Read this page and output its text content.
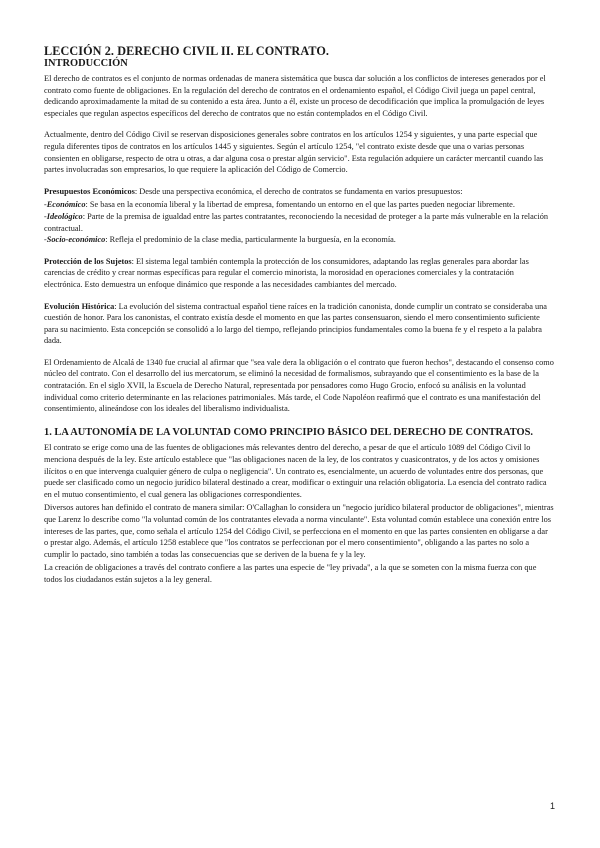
LECCIÓN 2. DERECHO CIVIL II. EL CONTRATO.
INTRODUCCIÓN

El derecho de contratos es el conjunto de normas ordenadas de manera sistemática que busca dar solución a los conflictos de intereses generados por el contrato como fuente de obligaciones. En la regulación del derecho de contratos en el ordenamiento español, el Código Civil juega un papel central, dedicando aproximadamente la mitad de su contenido a esta área. Junto a él, existe un proceso de decodificación que implica la promulgación de leyes especiales que regulan aspectos específicos del derecho de contratos que no están contemplados en el Código Civil.

Actualmente, dentro del Código Civil se reservan disposiciones generales sobre contratos en los artículos 1254 y siguientes, y una parte especial que regula diferentes tipos de contratos en los artículos 1445 y siguientes. Según el artículo 1254, "el contrato existe desde que una o varias personas consienten en obligarse, respecto de otra u otras, a dar alguna cosa o prestar algún servicio". Esta regulación adquiere un carácter mercantil cuando las partes involucradas son empresarios, lo que requiere la aplicación del Código de Comercio.

Presupuestos Económicos: Desde una perspectiva económica, el derecho de contratos se fundamenta en varios presupuestos:

-Económico: Se basa en la economía liberal y la libertad de empresa, fomentando un entorno en el que las partes pueden negociar libremente.

-Ideológico: Parte de la premisa de igualdad entre las partes contratantes, reconociendo la necesidad de proteger a la parte más vulnerable en la relación contractual.

-Socio-económico: Refleja el predominio de la clase media, particularmente la burguesía, en la economía.

Protección de los Sujetos: El sistema legal también contempla la protección de los consumidores, adaptando las reglas generales para abordar las carencias de crédito y crear normas específicas para regular el comercio minorista, la morosidad en operaciones comerciales y la contratación electrónica. Esto demuestra un enfoque dinámico que responde a las necesidades cambiantes del mercado.

Evolución Histórica: La evolución del sistema contractual español tiene raíces en la tradición canonista, donde cumplir un contrato se consideraba una cuestión de honor. Para los canonistas, el contrato existía desde el momento en que las partes consensuaron, siendo el mero consentimiento suficiente para su nacimiento. Esta concepción se consolidó a lo largo del tiempo, reflejando principios fundamentales como la buena fe y el respeto a la palabra dada.

El Ordenamiento de Alcalá de 1340 fue crucial al afirmar que "sea vale dera la obligación o el contrato que fueron hechos", destacando el consenso como núcleo del contrato. Con el desarrollo del ius mercatorum, se eliminó la necesidad de formalismos, subrayando que el consentimiento es la base de la contratación. En el siglo XVII, la Escuela de Derecho Natural, representada por pensadores como Hugo Grocio, enfocó su análisis en la voluntad individual como criterio determinante en las relaciones patrimoniales. Más tarde, el Code Napoléon reafirmó que el contrato es una manifestación del consentimiento, alineándose con los ideales del liberalismo individualista.

1. LA AUTONOMÍA DE LA VOLUNTAD COMO PRINCIPIO BÁSICO DEL DERECHO DE CONTRATOS.

El contrato se erige como una de las fuentes de obligaciones más relevantes dentro del derecho, a pesar de que el artículo 1089 del Código Civil lo menciona después de la ley. Este artículo establece que "las obligaciones nacen de la ley, de los contratos y cuasicontratos, y de los actos y omisiones ilícitos o en que intervenga cualquier género de culpa o negligencia". Un contrato es, esencialmente, un acuerdo de voluntades entre dos personas, que puede ser clasificado como un negocio jurídico bilateral destinado a crear, modificar o extinguir una relación obligatoria. La esencia del contrato radica en el mutuo consentimiento, el cual genera las obligaciones correspondientes.

Diversos autores han definido el contrato de manera similar: O'Callaghan lo considera un "negocio jurídico bilateral productor de obligaciones", mientras que Larenz lo describe como "la voluntad común de los contratantes elevada a norma vinculante". Esta voluntad común establece una conexión entre los intereses de las partes, que, como señala el artículo 1254 del Código Civil, se perfecciona en el momento en que las partes consienten en obligarse a dar o prestar algo. Además, el artículo 1258 establece que "los contratos se perfeccionan por el mero consentimiento", obligando a las partes no solo a cumplir lo pactado, sino también a todas las consecuencias que se deriven de la buena fe y la ley.

La creación de obligaciones a través del contrato confiere a las partes una especie de "ley privada", a la que se someten con la misma fuerza con que todos los ciudadanos están sujetos a la ley general.

1
